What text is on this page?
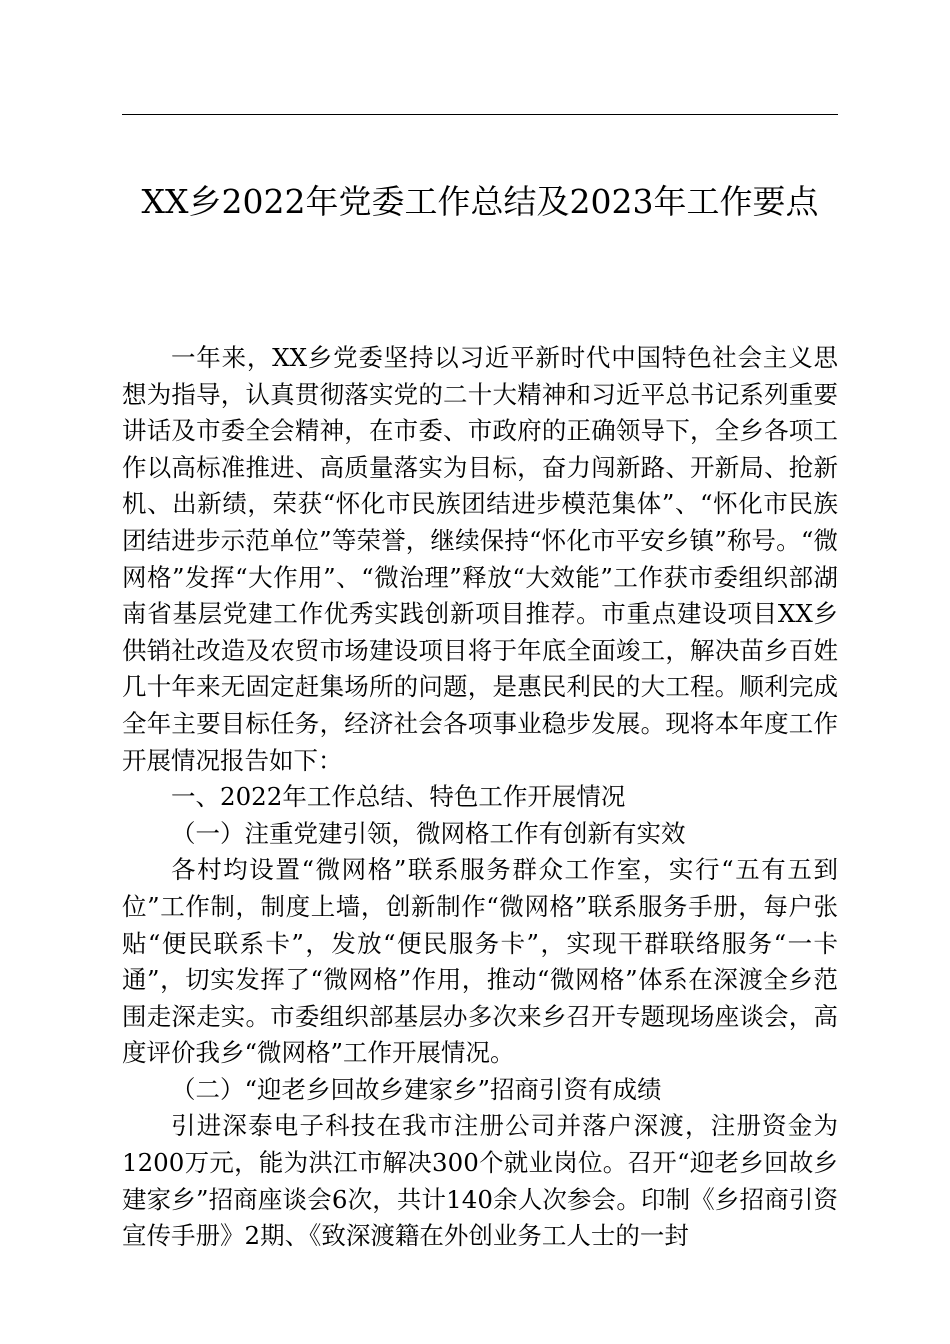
XX乡2022年党委工作总结及2023年工作要点

一年来，XX乡党委坚持以习近平新时代中国特色社会主义思想为指导，认真贯彻落实党的二十大精神和习近平总书记系列重要讲话及市委全会精神，在市委、市政府的正确领导下，全乡各项工作以高标准推进、高质量落实为目标，奋力闯新路、开新局、抢新机、出新绩，荣获“怀化市民族团结进步模范集体”、“怀化市民族团结进步示范单位”等荣誉，继续保持“怀化市平安乡镇”称号。“微网格”发挥“大作用”、“微治理”释放“大效能”工作获市委组织部湖南省基层党建工作优秀实践创新项目推荐。市重点建设项目XX乡供销社改造及农贸市场建设项目将于年底全面竣工，解决苗乡百姓几十年来无固定赶集场所的问题，是惠民利民的大工程。顺利完成全年主要目标任务，经济社会各项事业稳步发展。现将本年度工作开展情况报告如下：

一、2022年工作总结、特色工作开展情况

（一）注重党建引领，微网格工作有创新有实效

各村均设置“微网格”联系服务群众工作室，实行“五有五到位”工作制，制度上墙，创新制作“微网格”联系服务手册，每户张贴“便民联系卡”，发放“便民服务卡”，实现干群联络服务“一卡通”，切实发挥了“微网格”作用，推动“微网格”体系在深渡全乡范围走深走实。市委组织部基层办多次来乡召开专题现场座谈会，高度评价我乡“微网格”工作开展情况。

（二）“迎老乡回故乡建家乡”招商引资有成绩

引进深泰电子科技在我市注册公司并落户深渡，注册资金为1200万元，能为洪江市解决300个就业岗位。召开“迎老乡回故乡建家乡”招商座谈会6次，共计140余人次参会。印制《乡招商引资宣传手册》2期、《致深渡籍在外创业务工人士的一封
